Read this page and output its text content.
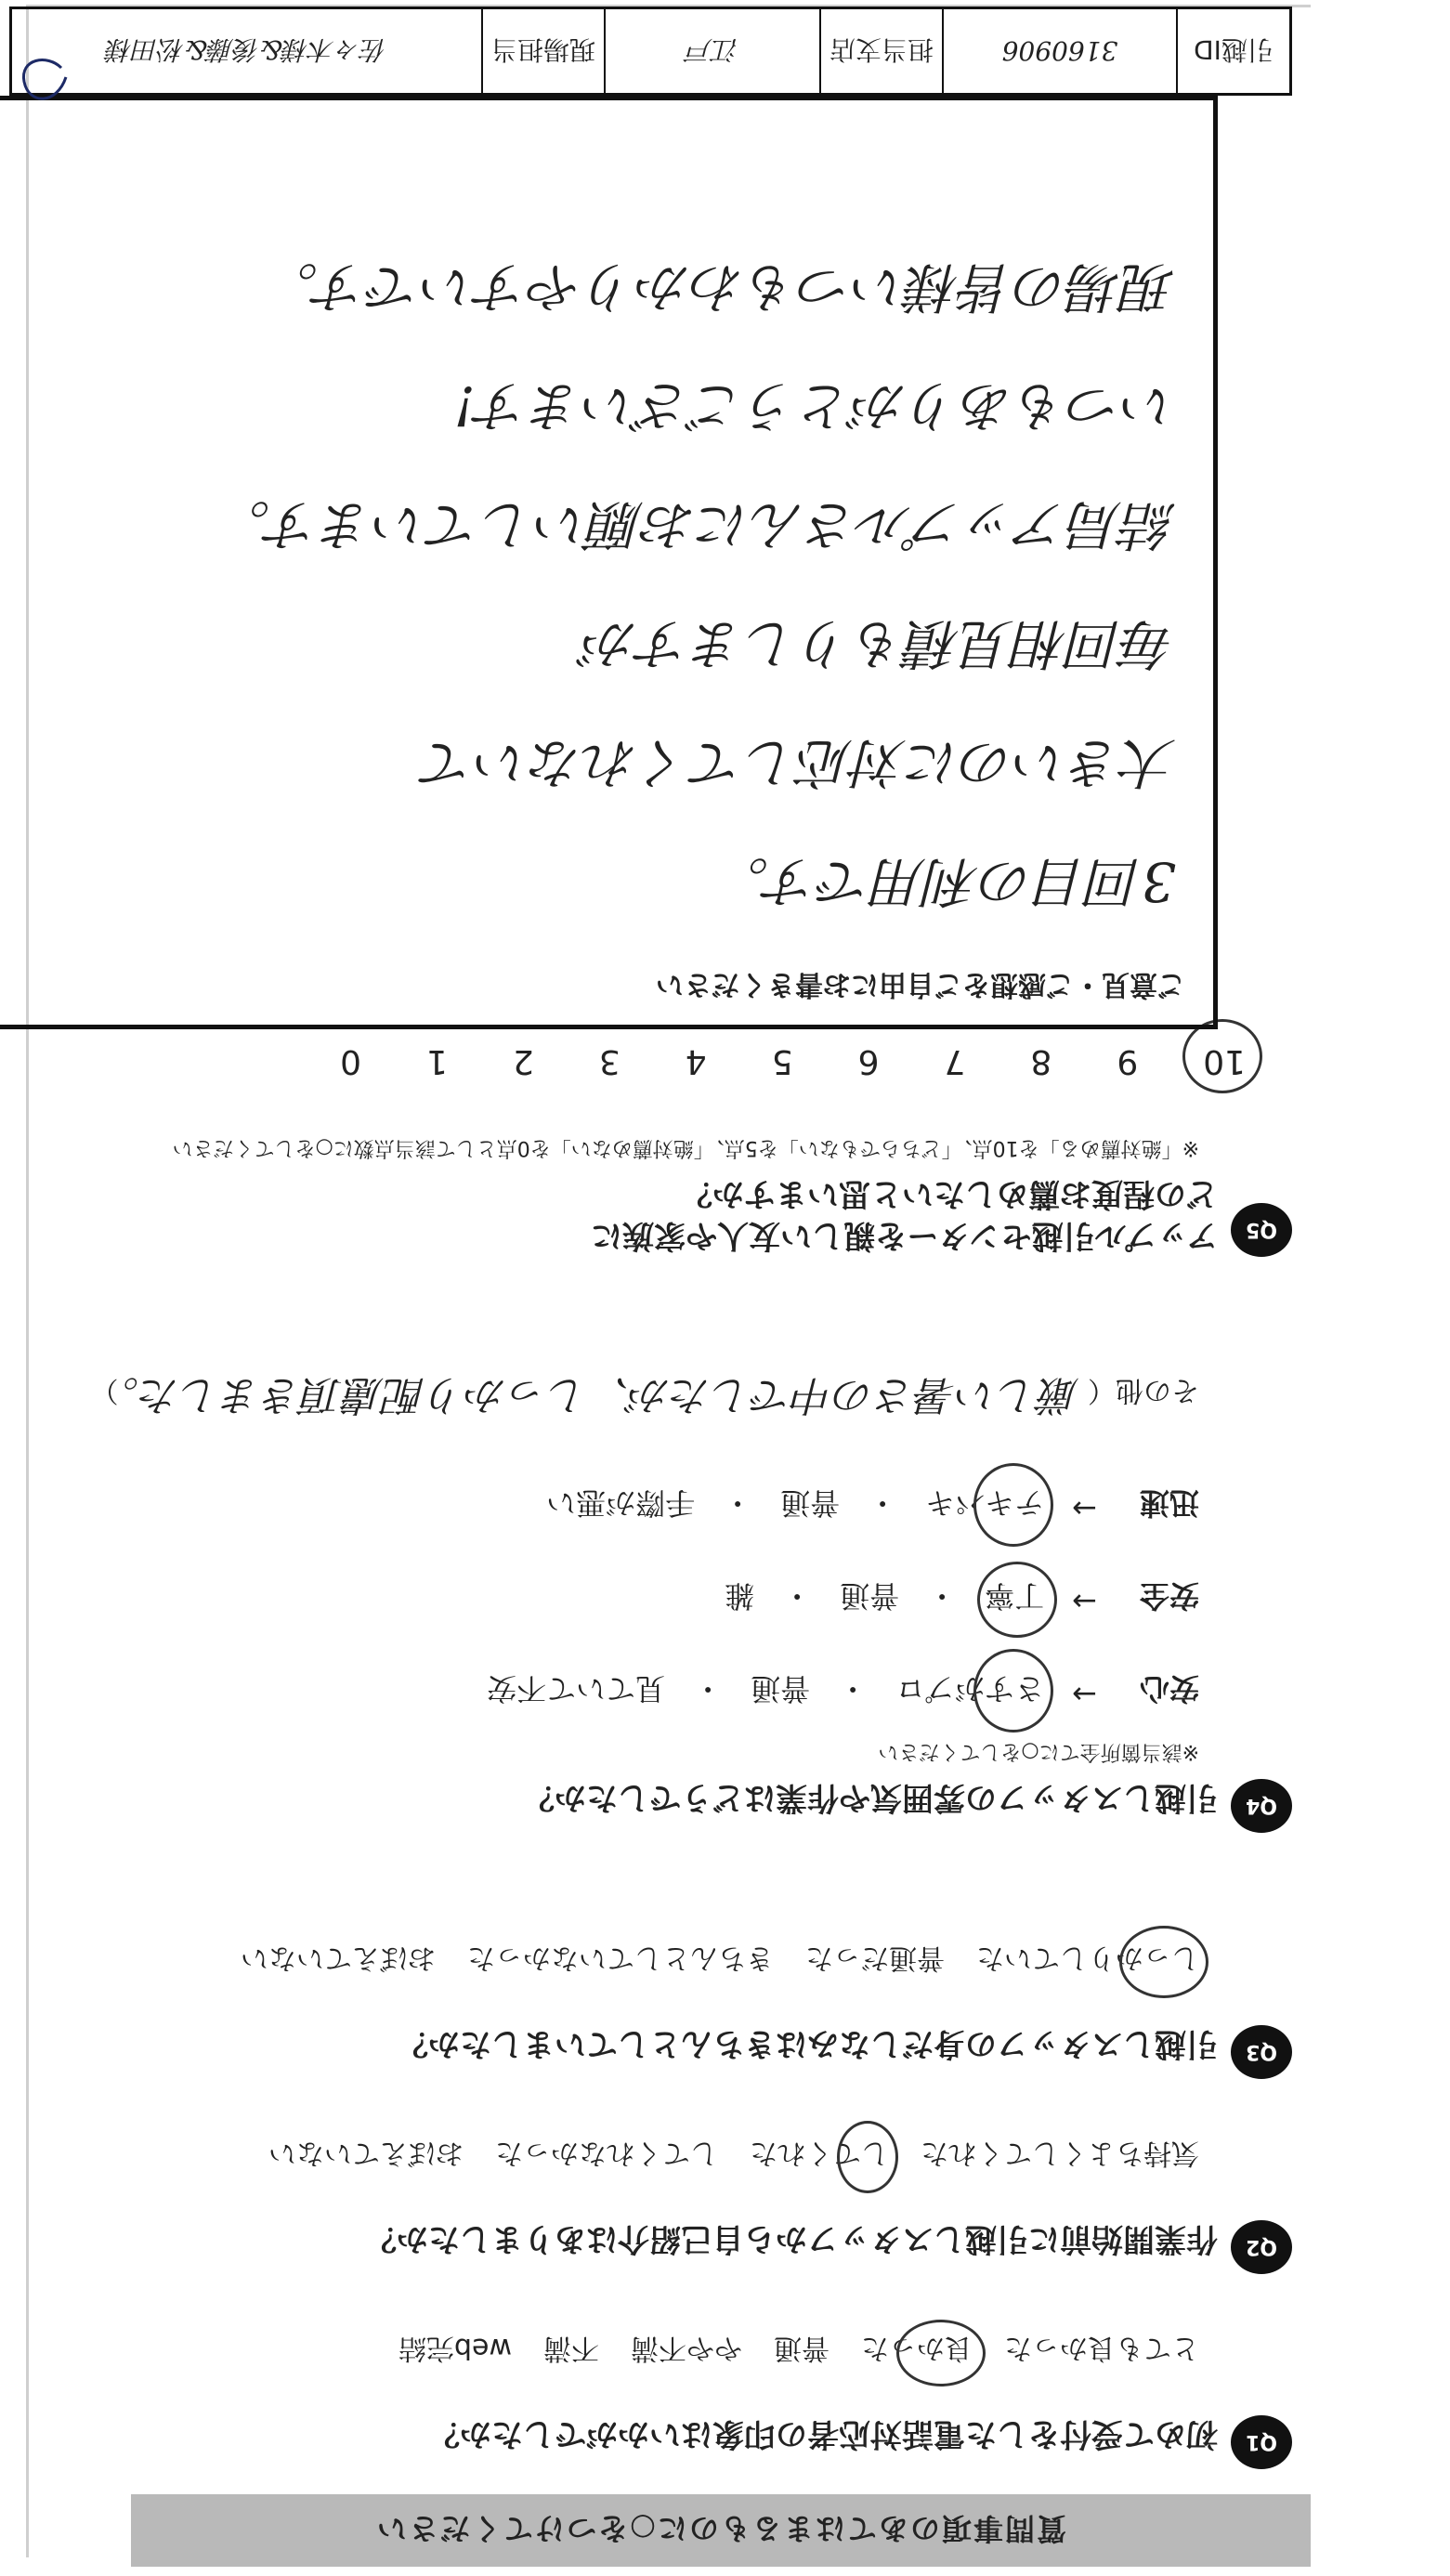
質問事項のあてはまるものに○をつけてください
Q1
初めて受付をした電話対応者の印象はいかがでしたか？
とても良かった
良かった
普通
やや不満
不満
web完結
Q2
作業開始前に引越しスタッフから自己紹介はありましたか？
気持ちよくしてくれた
してくれた
してくれなかった
おぼえていない
Q3
引越しスタッフの身だしなみはきちんとしていましたか？
しっかりしていた
普通だった
きちんとしていなかった
おぼえていない
Q4
引越しスタッフの雰囲気や作業はどうでしたか？
※該当箇所全てに○をしてください
安心
→
さすがプロ
・
普通
・
見ていて不安
安全
→
丁寧
・
普通
・
雑
迅速
→
テキパキ
・
普通
・
手際が悪い
その他（ 厳しい暑さの中でしたが、しっかり配慮頂きました。）
Q5
アップル引越センターを親しい友人や家族に
どの程度お薦めしたいと思いますか？
※「絶対薦める」を10点、「どちらでもない」を5点、「絶対薦めない」を0点として該当点数に○をしてください
10
9
8
7
6
5
4
3
2
1
0
ご意見・ご感想をご自由にお書きください
3回目の利用です。
大きいのに対応してくれないて
毎回相見積もりしますが
結局アップルさんにお願いしています。
いつもありがとうございます!
現場の皆様いつもわかりやすいです。
引越ID
3160906
担当支店
江戸
現場担当
佐々木様&後藤&松田様
